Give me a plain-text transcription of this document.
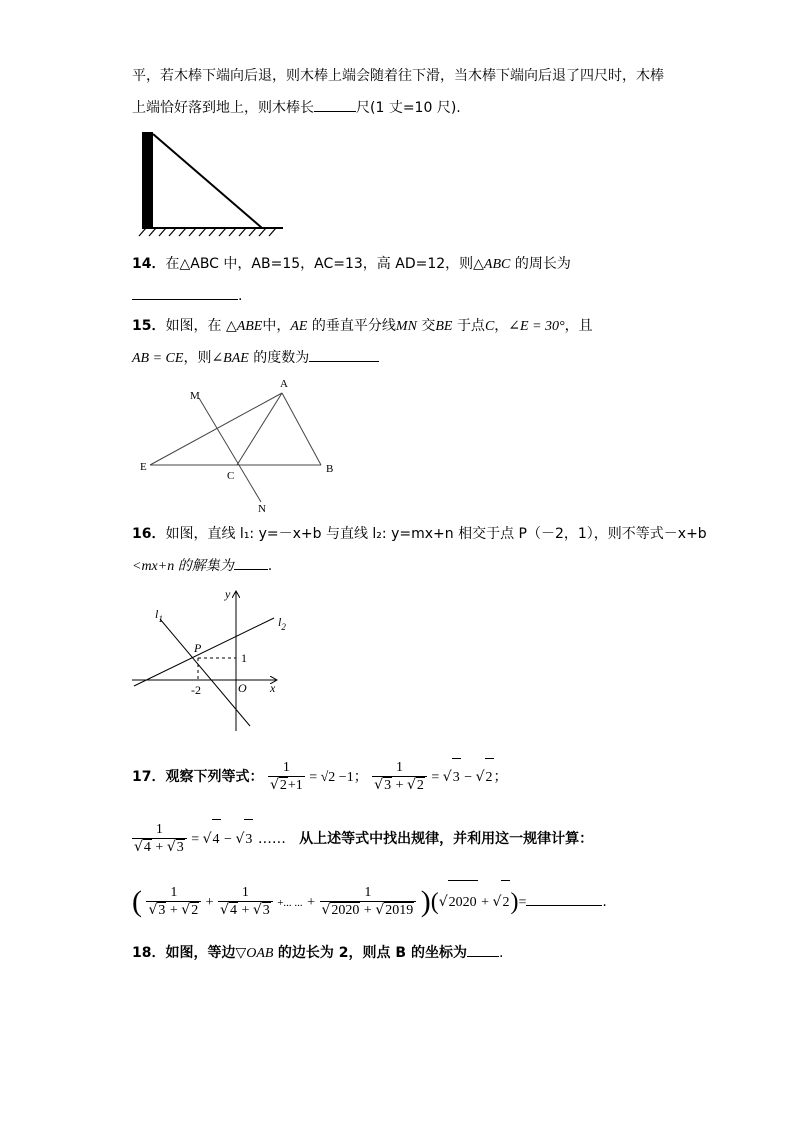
平，若木棒下端向后退，则木棒上端会随着往下滑，当木棒下端向后退了四尺时，木棒
上端恰好落到地上，则木棒长	尺(1 丈=10 尺).
14．在△ABC 中，AB=15，AC=13，高 AD=12，则△ABC 的周长为
.
15．如图，在 △ABE中，AE 的垂直平分线MN 交BE 于点C，∠E = 30°，且
AB = CE，则∠BAE 的度数为
M
A
E
C
B
N
16．如图，直线 l₁: y=－x+b 与直线 l₂: y=mx+n 相交于点 P（－2，1），则不等式－x+b
<mx+n 的解集为 .
y
x
$l_1$	$l_2$
P
1
-2	O
17．观察下列等式： $\frac{1}{√2+1} = √2 -1$； $\frac{1}{√3 + √2} = √3 - √2$；
$\frac{1}{√4 + √3} = √4 - √3$ …… 从上述等式中找出规律，并利用这一规律计算：
( $\frac{1}{√3 + √2} + \frac{1}{√4 + √3}$ +... ... + $\frac{1}{√2020 + √2019} )(√2020 + √2)=$	.
18．如图，等边▽OAB 的边长为 2，则点 B 的坐标为 .
